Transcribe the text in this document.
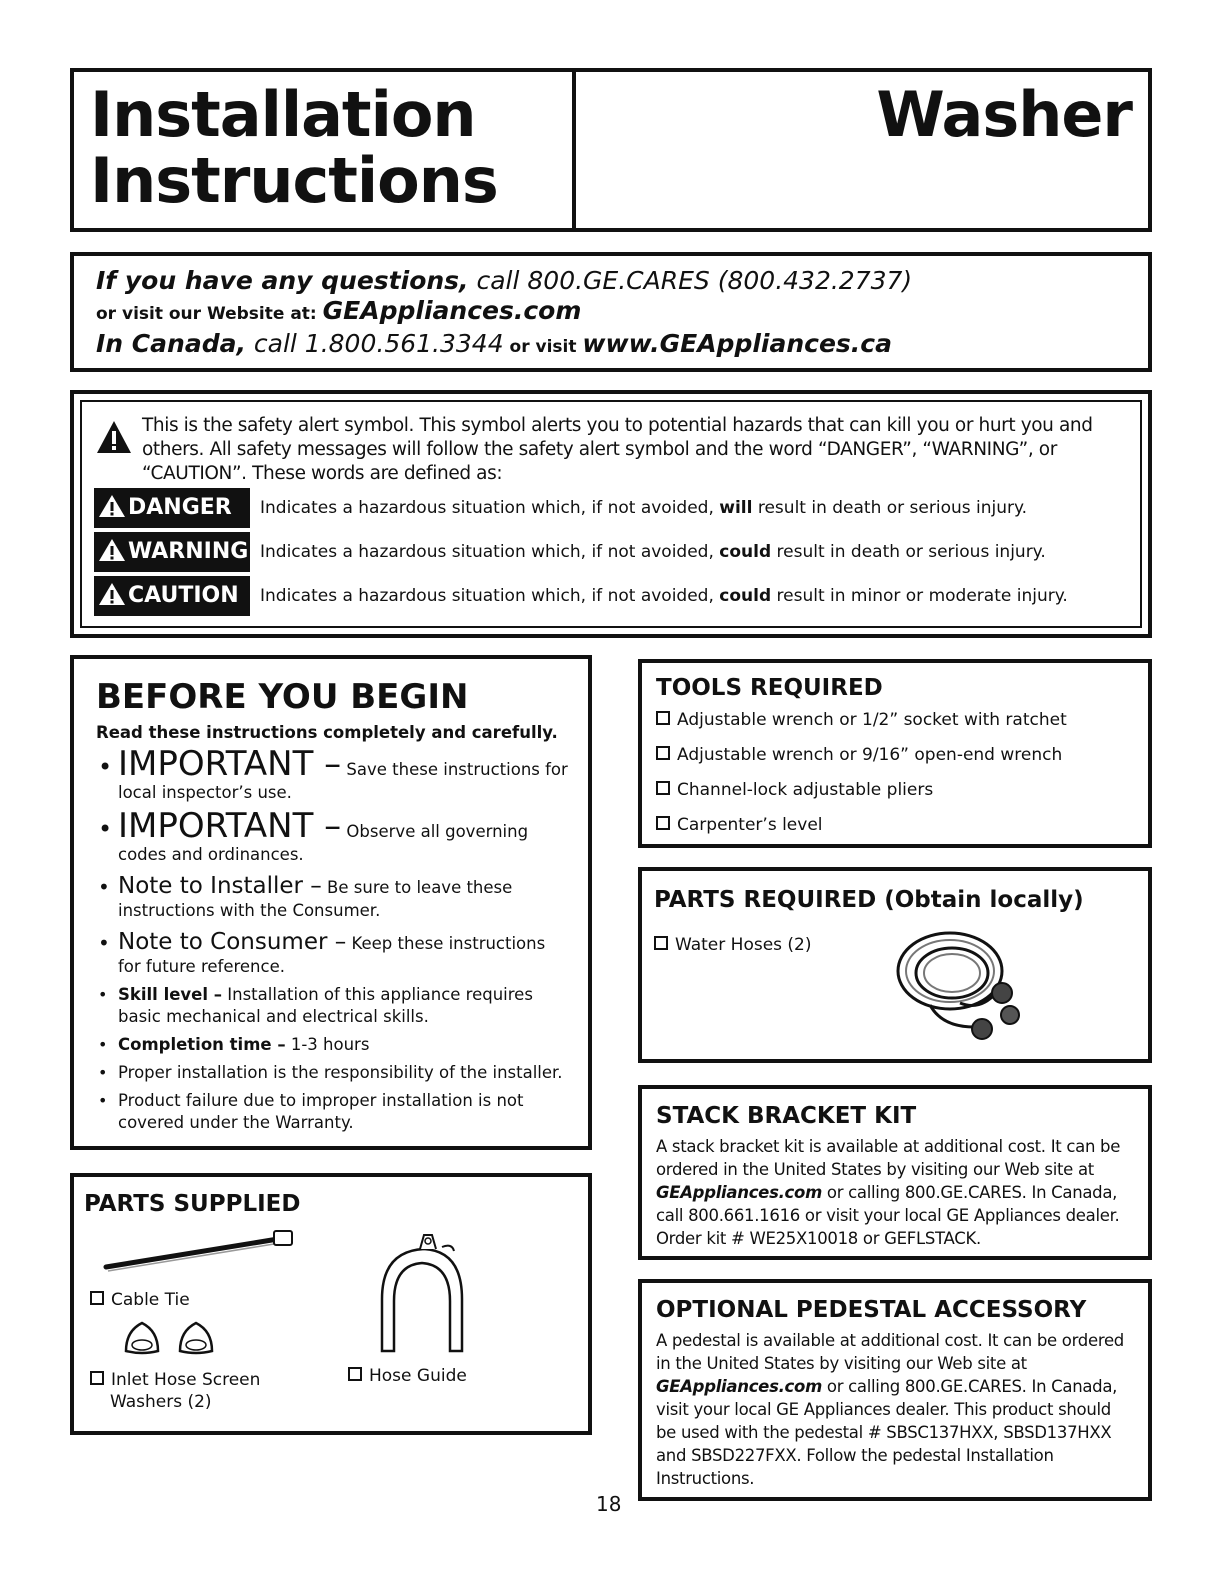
Installation
Instructions
Washer
If you have any questions, call 800.GE.CARES (800.432.2737)
or visit our Website at: GEAppliances.com
In Canada, call 1.800.561.3344 or visit www.GEAppliances.ca
This is the safety alert symbol. This symbol alerts you to potential hazards that can kill you or hurt you and others. All safety messages will follow the safety alert symbol and the word “DANGER”, “WARNING”, or “CAUTION”. These words are defined as:
DANGER	Indicates a hazardous situation which, if not avoided, will result in death or serious injury.
WARNING Indicates a hazardous situation which, if not avoided, could result in death or serious injury.
CAUTION	Indicates a hazardous situation which, if not avoided, could result in minor or moderate injury.
BEFORE YOU BEGIN
Read these instructions completely and carefully.
• IMPORTANT – Save these instructions for local inspector’s use.
• IMPORTANT – Observe all governing codes and ordinances.
• Note to Installer – Be sure to leave these instructions with the Consumer.
• Note to Consumer – Keep these instructions for future reference.
• Skill level – Installation of this appliance requires basic mechanical and electrical skills.
• Completion time – 1-3 hours
• Proper installation is the responsibility of the installer.
• Product failure due to improper installation is not covered under the Warranty.
PARTS SUPPLIED
Cable Tie
Inlet Hose Screen
Washers (2)
Hose Guide
TOOLS REQUIRED
Adjustable wrench or 1/2” socket with ratchet
Adjustable wrench or 9/16” open-end wrench
Channel-lock adjustable pliers
Carpenter’s level
PARTS REQUIRED (Obtain locally)
Water Hoses (2)
STACK BRACKET KIT

A stack bracket kit is available at additional cost. It can be ordered in the United States by visiting our Web site at GEAppliances.com or calling 800.GE.CARES. In Canada, call 800.661.1616 or visit your local GE Appliances dealer. Order kit # WE25X10018 or GEFLSTACK.

OPTIONAL PEDESTAL ACCESSORY

A pedestal is available at additional cost. It can be ordered in the United States by visiting our Web site at GEAppliances.com or calling 800.GE.CARES. In Canada, visit your local GE Appliances dealer. This product should be used with the pedestal # SBSC137HXX, SBSD137HXX and SBSD227FXX. Follow the pedestal Installation Instructions.

18
